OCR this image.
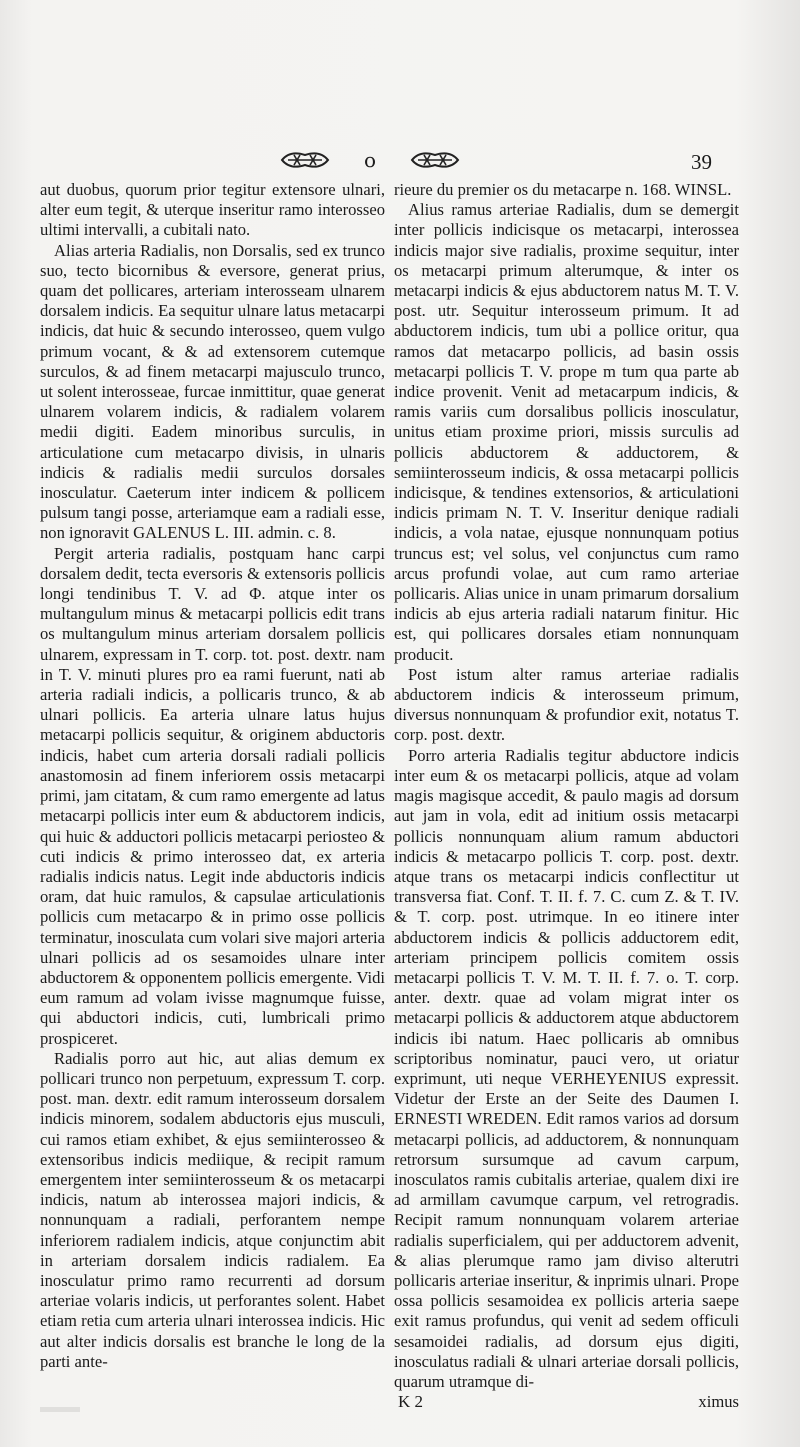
o	39

aut duobus, quorum prior tegitur extensore ulnari, alter eum tegit, & uterque inseritur ramo interosseo ultimi intervalli, a cubitali nato.

Alias arteria Radialis, non Dorsalis, sed ex trunco suo, tecto bicornibus & eversore, generat prius, quam det pollicares, arteriam interosseam ulnarem dorsalem indicis. Ea sequitur ulnare latus metacarpi indicis, dat huic & secundo interosseo, quem vulgo primum vocant, & & ad extensorem cutemque surculos, & ad finem metacarpi majusculo trunco, ut solent interosseae, furcae inmittitur, quae generat ulnarem volarem indicis, & radialem volarem medii digiti. Eadem minoribus surculis, in articulatione cum metacarpo divisis, in ulnaris indicis & radialis medii surculos dorsales inosculatur. Caeterum inter indicem & pollicem pulsum tangi posse, arteriamque eam a radiali esse, non ignoravit GALENUS L. III. admin. c. 8.

Pergit arteria radialis, postquam hanc carpi dorsalem dedit, tecta eversoris & extensoris pollicis longi tendinibus T. V. ad Φ. atque inter os multangulum minus & metacarpi pollicis edit trans os multangulum minus arteriam dorsalem pollicis ulnarem, expressam in T. corp. tot. post. dextr. nam in T. V. minuti plures pro ea rami fuerunt, nati ab arteria radiali indicis, a pollicaris trunco, & ab ulnari pollicis. Ea arteria ulnare latus hujus metacarpi pollicis sequitur, & originem abductoris indicis, habet cum arteria dorsali radiali pollicis anastomosin ad finem inferiorem ossis metacarpi primi, jam citatam, & cum ramo emergente ad latus metacarpi pollicis inter eum & abductorem indicis, qui huic & adductori pollicis metacarpi periosteo & cuti indicis & primo interosseo dat, ex arteria radialis indicis natus. Legit inde abductoris indicis oram, dat huic ramulos, & capsulae articulationis pollicis cum metacarpo & in primo osse pollicis terminatur, inosculata cum volari sive majori arteria ulnari pollicis ad os sesamoides ulnare inter abductorem & opponentem pollicis emergente. Vidi eum ramum ad volam ivisse magnumque fuisse, qui abductori indicis, cuti, lumbricali primo prospiceret.

Radialis porro aut hic, aut alias demum ex pollicari trunco non perpetuum, expressum T. corp. post. man. dextr. edit ramum interosseum dorsalem indicis minorem, sodalem abductoris ejus musculi, cui ramos etiam exhibet, & ejus semiinterosseo & extensoribus indicis mediique, & recipit ramum emergentem inter semiinterosseum & os metacarpi indicis, natum ab interossea majori indicis, & nonnunquam a radiali, perforantem nempe inferiorem radialem indicis, atque conjunctim abit in arteriam dorsalem indicis radialem. Ea inosculatur primo ramo recurrenti ad dorsum arteriae volaris indicis, ut perforantes solent. Habet etiam retia cum arteria ulnari interossea indicis. Hic aut alter indicis dorsalis est branche le long de la parti ante-

rieure du premier os du metacarpe n. 168. WINSL.

Alius ramus arteriae Radialis, dum se demergit inter pollicis indicisque os metacarpi, interossea indicis major sive radialis, proxime sequitur, inter os metacarpi primum alterumque, & inter os metacarpi indicis & ejus abductorem natus M. T. V. post. utr. Sequitur interosseum primum. It ad abductorem indicis, tum ubi a pollice oritur, qua ramos dat metacarpo pollicis, ad basin ossis metacarpi pollicis T. V. prope m tum qua parte ab indice provenit. Venit ad metacarpum indicis, & ramis variis cum dorsalibus pollicis inosculatur, unitus etiam proxime priori, missis surculis ad pollicis abductorem & adductorem, & semiinterosseum indicis, & ossa metacarpi pollicis indicisque, & tendines extensorios, & articulationi indicis primam N. T. V. Inseritur denique radiali indicis, a vola natae, ejusque nonnunquam potius truncus est; vel solus, vel conjunctus cum ramo arcus profundi volae, aut cum ramo arteriae pollicaris. Alias unice in unam primarum dorsalium indicis ab ejus arteria radiali natarum finitur. Hic est, qui pollicares dorsales etiam nonnunquam producit.

Post istum alter ramus arteriae radialis abductorem indicis & interosseum primum, diversus nonnunquam & profundior exit, notatus T. corp. post. dextr.

Porro arteria Radialis tegitur abductore indicis inter eum & os metacarpi pollicis, atque ad volam magis magisque accedit, & paulo magis ad dorsum aut jam in vola, edit ad initium ossis metacarpi pollicis nonnunquam alium ramum abductori indicis & metacarpo pollicis T. corp. post. dextr. atque trans os metacarpi indicis conflectitur ut transversa fiat. Conf. T. II. f. 7. C. cum Z. & T. IV. & T. corp. post. utrimque. In eo itinere inter abductorem indicis & pollicis adductorem edit, arteriam principem pollicis comitem ossis metacarpi pollicis T. V. M. T. II. f. 7. o. T. corp. anter. dextr. quae ad volam migrat inter os metacarpi pollicis & adductorem atque abductorem indicis ibi natum. Haec pollicaris ab omnibus scriptoribus nominatur, pauci vero, ut oriatur exprimunt, uti neque VERHEYENIUS expressit. Videtur der Erste an der Seite des Daumen I. ERNESTI WREDEN. Edit ramos varios ad dorsum metacarpi pollicis, ad adductorem, & nonnunquam retrorsum sursumque ad cavum carpum, inosculatos ramis cubitalis arteriae, qualem dixi ire ad armillam cavumque carpum, vel retrogradis. Recipit ramum nonnunquam volarem arteriae radialis superficialem, qui per adductorem advenit, & alias plerumque ramo jam diviso alterutri pollicaris arteriae inseritur, & inprimis ulnari. Prope ossa pollicis sesamoidea ex pollicis arteria saepe exit ramus profundus, qui venit ad sedem officuli sesamoidei radialis, ad dorsum ejus digiti, inosculatus radiali & ulnari arteriae dorsali pollicis, quarum utramque di-

K 2	ximus
